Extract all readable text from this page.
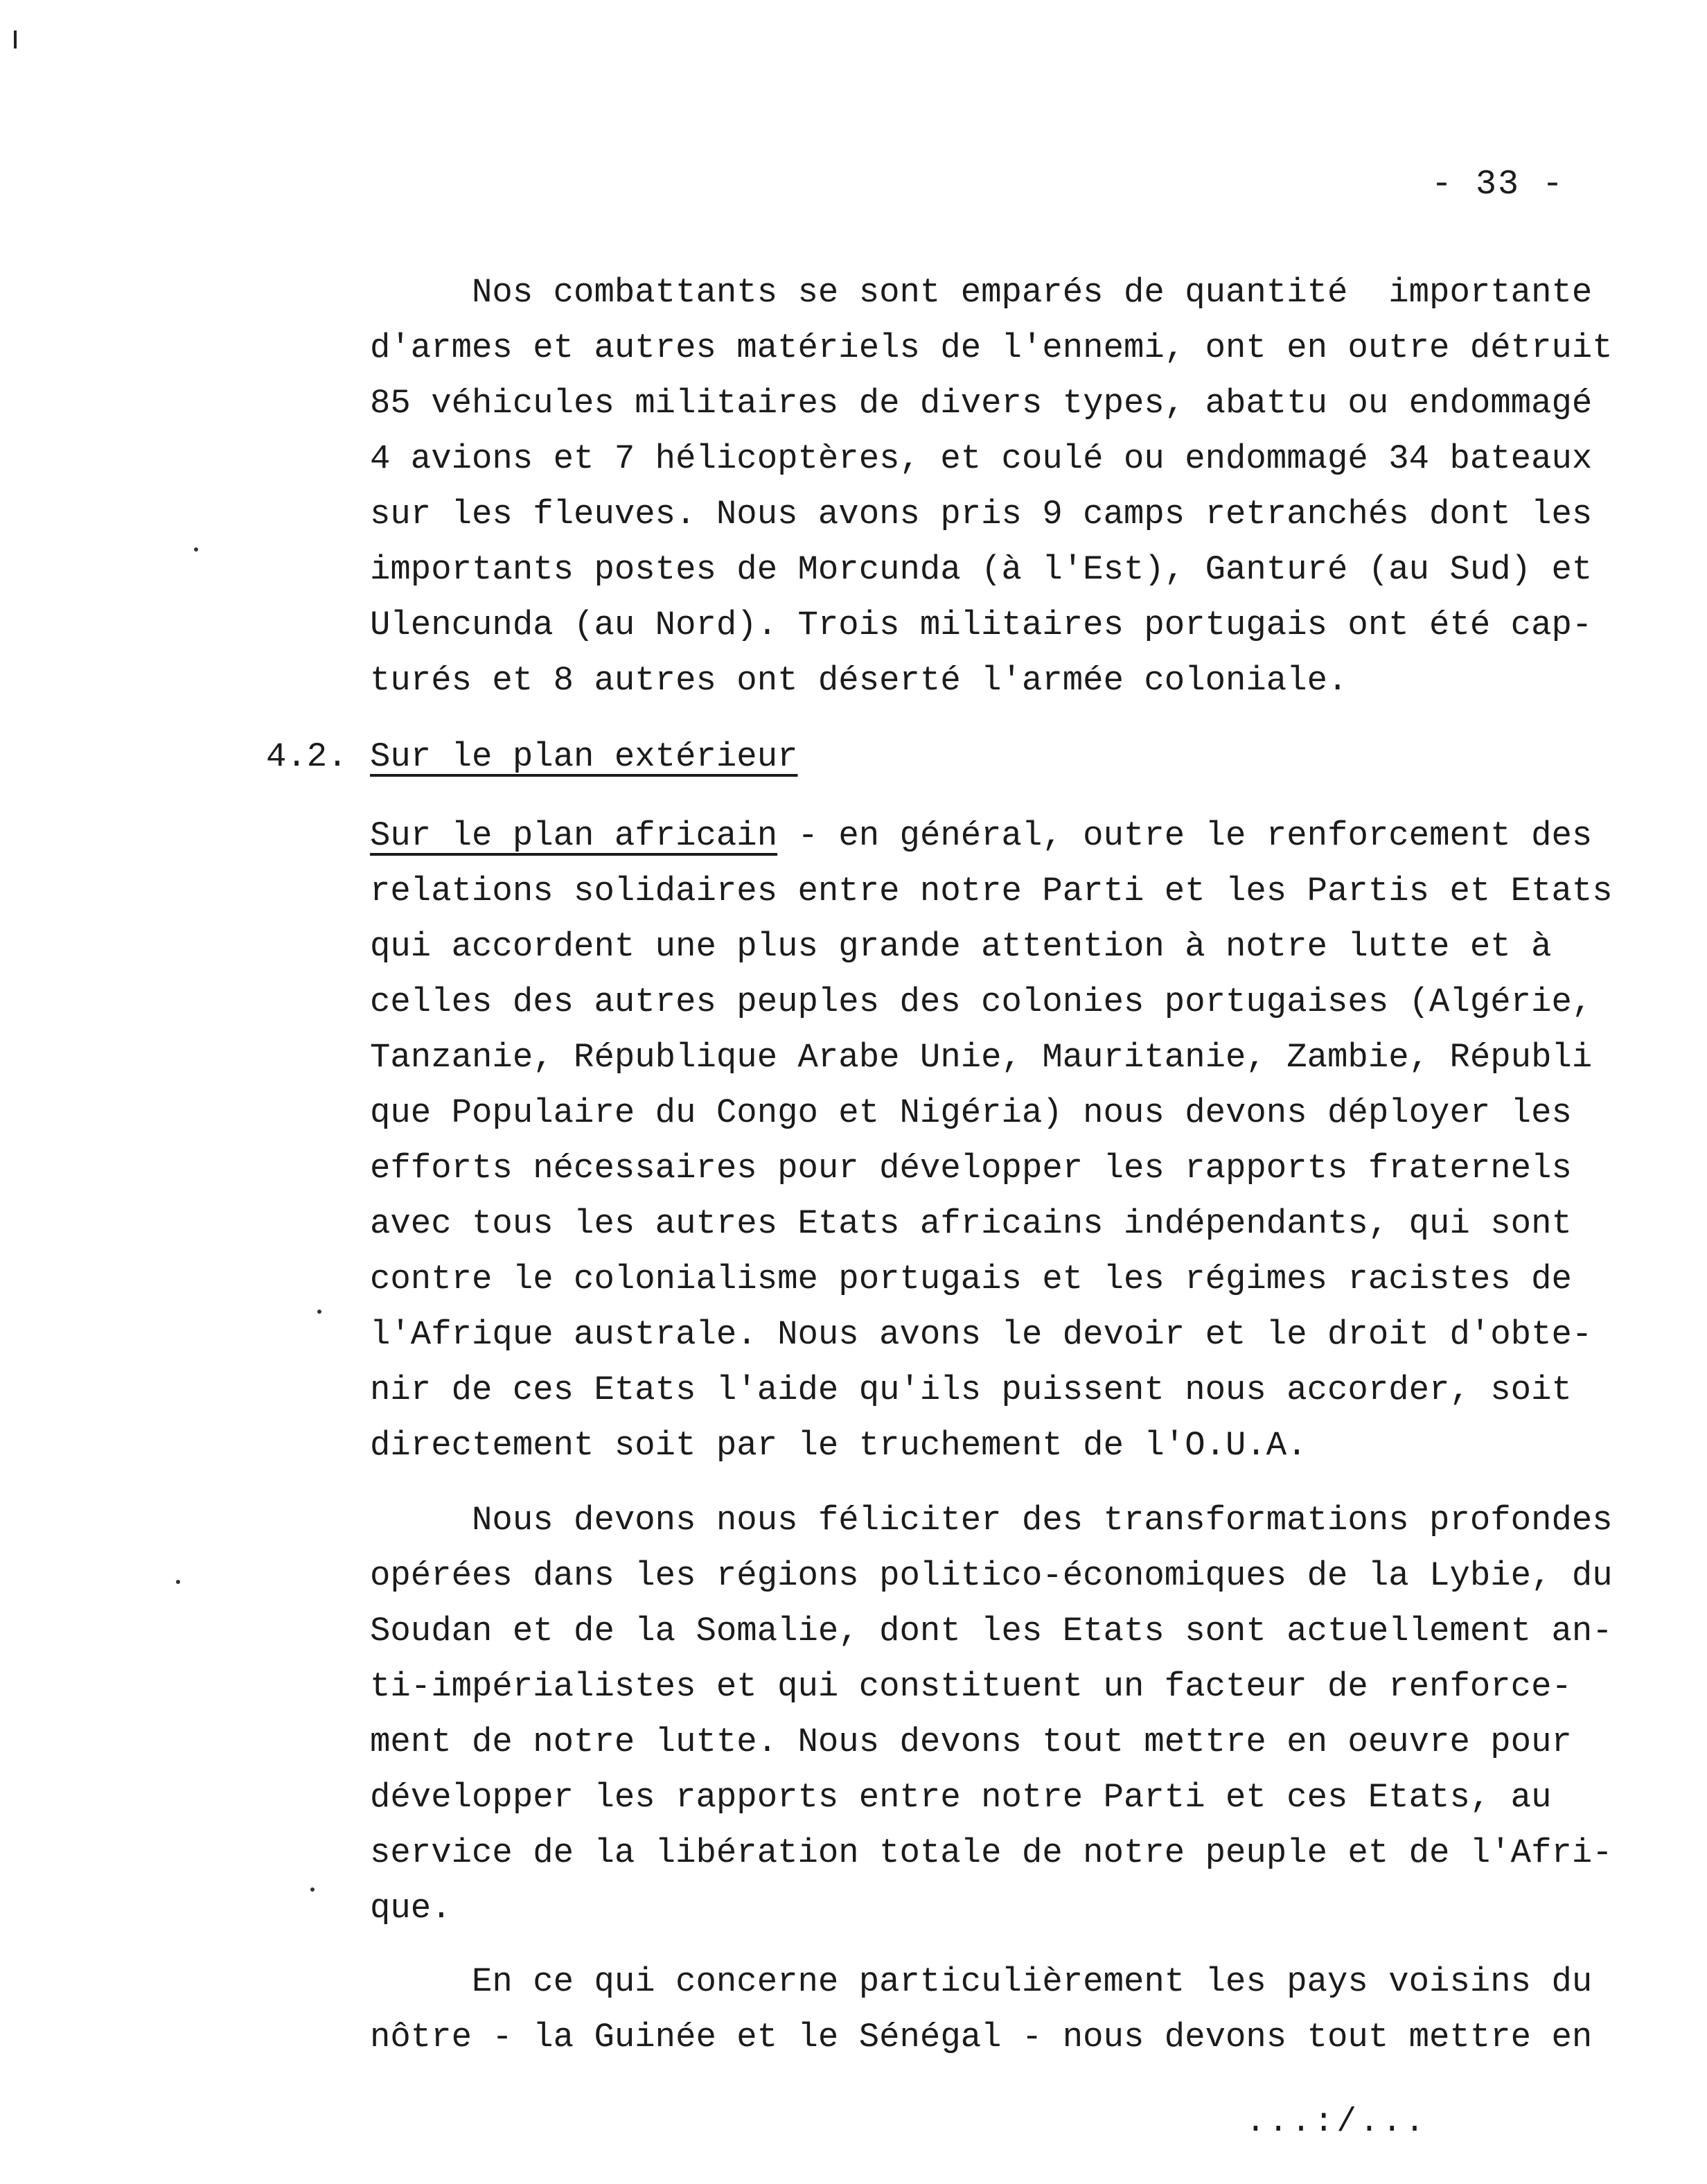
- 33 -
Nos combattants se sont emparés de quantité  importante
d'armes et autres matériels de l'ennemi, ont en outre détruit
85 véhicules militaires de divers types, abattu ou endommagé
4 avions et 7 hélicoptères, et coulé ou endommagé 34 bateaux
sur les fleuves. Nous avons pris 9 camps retranchés dont les
importants postes de Morcunda (à l'Est), Ganturé (au Sud) et
Ulencunda (au Nord). Trois militaires portugais ont été cap-
turés et 8 autres ont déserté l'armée coloniale.
4.2. Sur le plan extérieur
Sur le plan africain - en général, outre le renforcement des
relations solidaires entre notre Parti et les Partis et Etats
qui accordent une plus grande attention à notre lutte et à
celles des autres peuples des colonies portugaises (Algérie,
Tanzanie, République Arabe Unie, Mauritanie, Zambie, Républi
que Populaire du Congo et Nigéria) nous devons déployer les
efforts nécessaires pour développer les rapports fraternels
avec tous les autres Etats africains indépendants, qui sont
contre le colonialisme portugais et les régimes racistes de
l'Afrique australe. Nous avons le devoir et le droit d'obte-
nir de ces Etats l'aide qu'ils puissent nous accorder, soit
directement soit par le truchement de l'O.U.A.
Nous devons nous féliciter des transformations profondes
opérées dans les régions politico-économiques de la Lybie, du
Soudan et de la Somalie, dont les Etats sont actuellement an-
ti-impérialistes et qui constituent un facteur de renforce-
ment de notre lutte. Nous devons tout mettre en oeuvre pour
développer les rapports entre notre Parti et ces Etats, au
service de la libération totale de notre peuple et de l'Afri-
que.
En ce qui concerne particulièrement les pays voisins du
nôtre - la Guinée et le Sénégal - nous devons tout mettre en
...:/...
